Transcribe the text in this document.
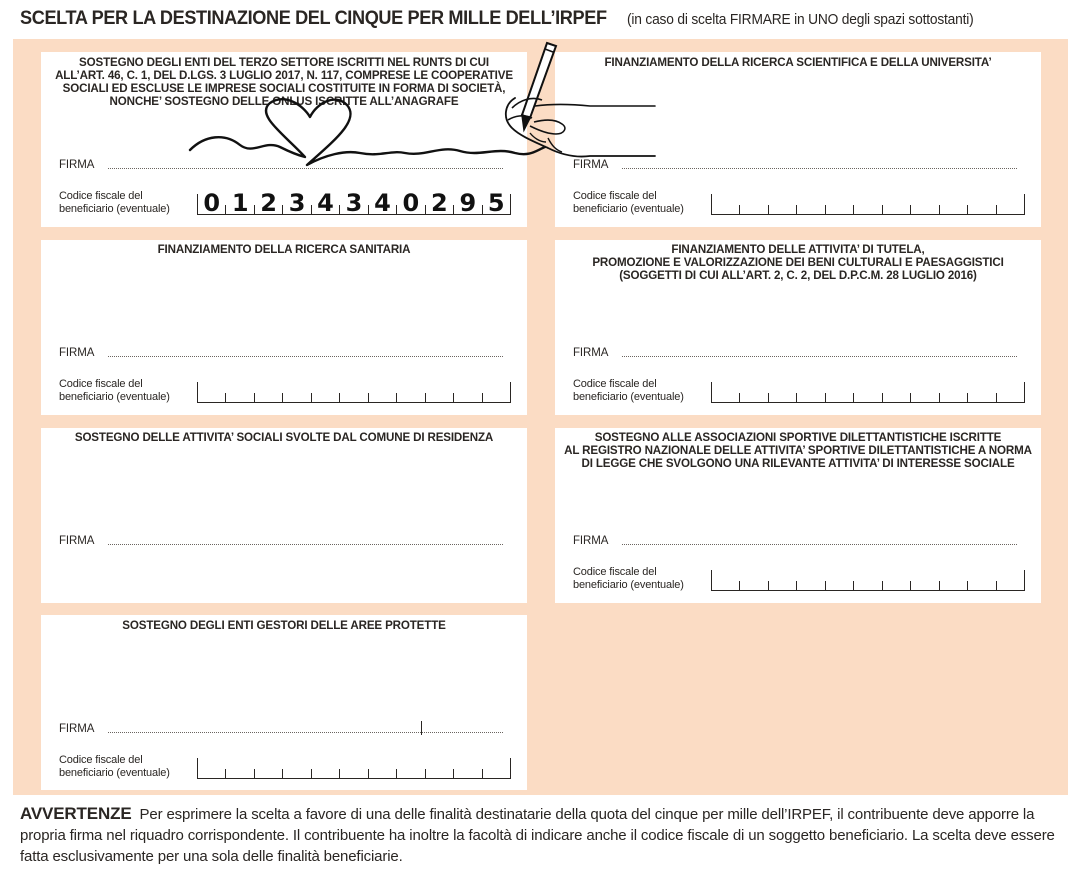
SCELTA PER LA DESTINAZIONE DEL CINQUE PER MILLE DELL’IRPEF (in caso di scelta FIRMARE in UNO degli spazi sottostanti)
SOSTEGNO DEGLI ENTI DEL TERZO SETTORE ISCRITTI NEL RUNTS DI CUI
ALL’ART. 46, C. 1, DEL D.LGS. 3 LUGLIO 2017, N. 117, COMPRESE LE COOPERATIVE
SOCIALI ED ESCLUSE LE IMPRESE SOCIALI COSTITUITE IN FORMA DI SOCIETÀ,
NONCHE’ SOSTEGNO DELLE ONLUS ISCRITTE ALL’ANAGRAFE
FIRMA
Codice fiscale del
beneficiario (eventuale)	0 1 2 3 4 3 4 0 2 9 5
FINANZIAMENTO DELLA RICERCA SCIENTIFICA E DELLA UNIVERSITA’
FIRMA
Codice fiscale del
beneficiario (eventuale)
FINANZIAMENTO DELLA RICERCA SANITARIA
FIRMA
Codice fiscale del
beneficiario (eventuale)
FINANZIAMENTO DELLE ATTIVITA’ DI TUTELA,
PROMOZIONE E VALORIZZAZIONE DEI BENI CULTURALI E PAESAGGISTICI
(SOGGETTI DI CUI ALL’ART. 2, C. 2, DEL D.P.C.M. 28 LUGLIO 2016)
FIRMA
Codice fiscale del
beneficiario (eventuale)
SOSTEGNO DELLE ATTIVITA’ SOCIALI SVOLTE DAL COMUNE DI RESIDENZA
FIRMA
SOSTEGNO ALLE ASSOCIAZIONI SPORTIVE DILETTANTISTICHE ISCRITTE
AL REGISTRO NAZIONALE DELLE ATTIVITA’ SPORTIVE DILETTANTISTICHE A NORMA
DI LEGGE CHE SVOLGONO UNA RILEVANTE ATTIVITA’ DI INTERESSE SOCIALE
FIRMA
Codice fiscale del
beneficiario (eventuale)
SOSTEGNO DEGLI ENTI GESTORI DELLE AREE PROTETTE
FIRMA
Codice fiscale del
beneficiario (eventuale)
AVVERTENZE Per esprimere la scelta a favore di una delle finalità destinatarie della quota del cinque per mille dell’IRPEF, il contribuente deve apporre la propria firma nel riquadro corrispondente. Il contribuente ha inoltre la facoltà di indicare anche il codice fiscale di un soggetto beneficiario. La scelta deve essere fatta esclusivamente per una sola delle finalità beneficiarie.
